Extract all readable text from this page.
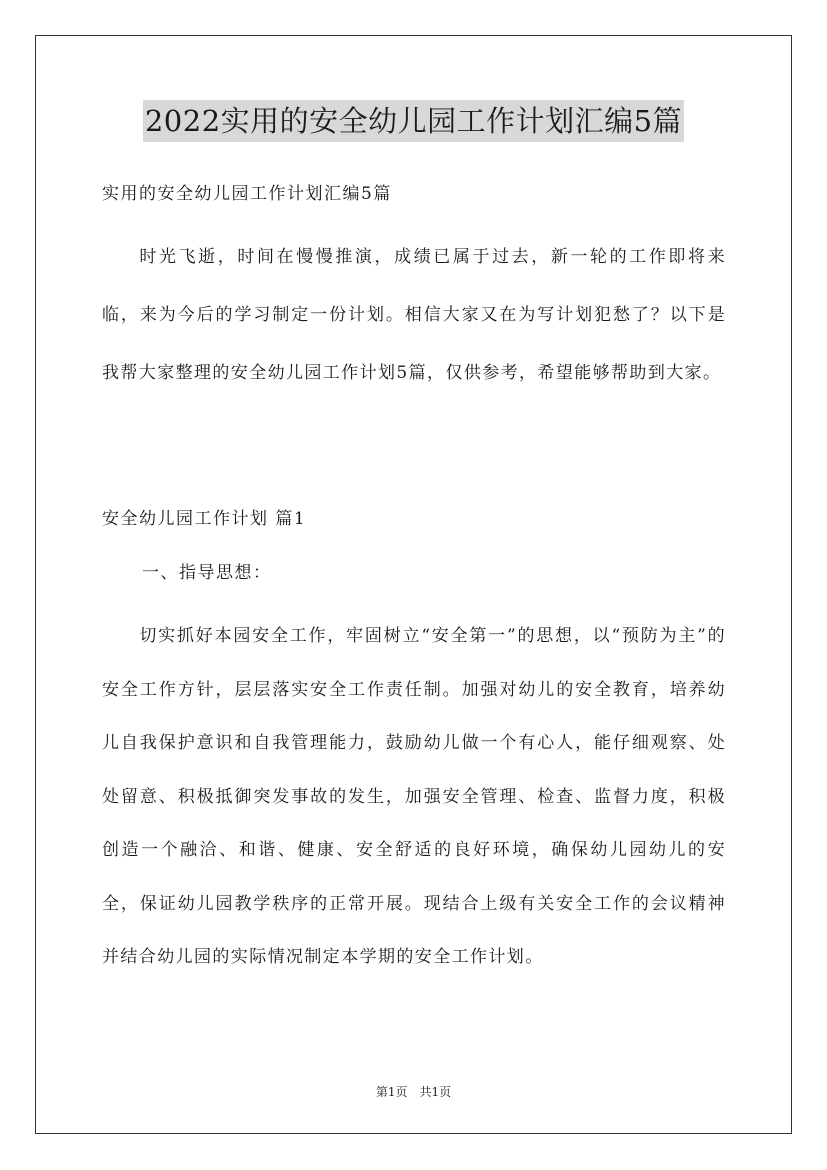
2022实用的安全幼儿园工作计划汇编5篇
实用的安全幼儿园工作计划汇编5篇

时光飞逝，时间在慢慢推演，成绩已属于过去，新一轮的工作即将来临，来为今后的学习制定一份计划。相信大家又在为写计划犯愁了？以下是我帮大家整理的安全幼儿园工作计划5篇，仅供参考，希望能够帮助到大家。

安全幼儿园工作计划 篇1
一、指导思想：

切实抓好本园安全工作，牢固树立“安全第一”的思想，以“预防为主”的安全工作方针，层层落实安全工作责任制。加强对幼儿的安全教育，培养幼儿自我保护意识和自我管理能力，鼓励幼儿做一个有心人，能仔细观察、处处留意、积极抵御突发事故的发生，加强安全管理、检查、监督力度，积极创造一个融洽、和谐、健康、安全舒适的良好环境，确保幼儿园幼儿的安全，保证幼儿园教学秩序的正常开展。现结合上级有关安全工作的会议精神并结合幼儿园的实际情况制定本学期的安全工作计划。

第1页　共1页
